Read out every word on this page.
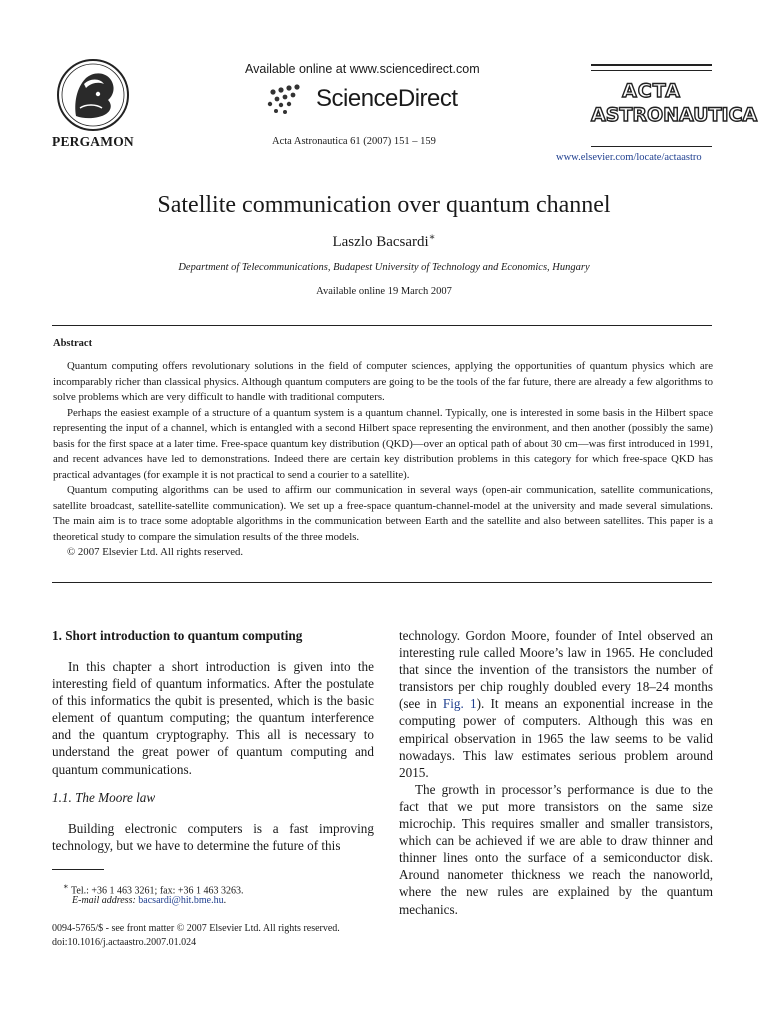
PERGAMON
Available online at www.sciencedirect.com
ScienceDirect
Acta Astronautica 61 (2007) 151 – 159
ACTA
ASTRONAUTICA
www.elsevier.com/locate/actaastro
Satellite communication over quantum channel
Laszlo Bacsardi∗
Department of Telecommunications, Budapest University of Technology and Economics, Hungary
Available online 19 March 2007
Abstract

Quantum computing offers revolutionary solutions in the field of computer sciences, applying the opportunities of quantum physics which are incomparably richer than classical physics. Although quantum computers are going to be the tools of the far future, there are already a few algorithms to solve problems which are very difficult to handle with traditional computers.

Perhaps the easiest example of a structure of a quantum system is a quantum channel. Typically, one is interested in some basis in the Hilbert space representing the input of a channel, which is entangled with a second Hilbert space representing the environment, and then another (possibly the same) basis for the first space at a later time. Free-space quantum key distribution (QKD)—over an optical path of about 30 cm—was first introduced in 1991, and recent advances have led to demonstrations. Indeed there are certain key distribution problems in this category for which free-space QKD has practical advantages (for example it is not practical to send a courier to a satellite).

Quantum computing algorithms can be used to affirm our communication in several ways (open-air communication, satellite communications, satellite broadcast, satellite-satellite communication). We set up a free-space quantum-channel-model at the university and made several simulations. The main aim is to trace some adoptable algorithms in the communication between Earth and the satellite and also between satellites. This paper is a theoretical study to compare the simulation results of the three models.

© 2007 Elsevier Ltd. All rights reserved.

1. Short introduction to quantum computing

In this chapter a short introduction is given into the interesting field of quantum informatics. After the postulate of this informatics the qubit is presented, which is the basic element of quantum computing; the quantum interference and the quantum cryptography. This all is necessary to understand the great power of quantum computing and quantum communications.

1.1. The Moore law

Building electronic computers is a fast improving technology, but we have to determine the future of this

technology. Gordon Moore, founder of Intel observed an interesting rule called Moore’s law in 1965. He concluded that since the invention of the transistors the number of transistors per chip roughly doubled every 18–24 months (see in Fig. 1). It means an exponential increase in the computing power of computers. Although this was en empirical observation in 1965 the law seems to be valid nowadays. This law estimates serious problem around 2015.

The growth in processor’s performance is due to the fact that we put more transistors on the same size microchip. This requires smaller and smaller transistors, which can be achieved if we are able to draw thinner and thinner lines onto the surface of a semiconductor disk. Around nanometer thickness we reach the nanoworld, where the new rules are explained by the quantum mechanics.

∗ Tel.: +36 1 463 3261; fax: +36 1 463 3263.
E-mail address: bacsardi@hit.bme.hu.
0094-5765/$ - see front matter © 2007 Elsevier Ltd. All rights reserved.
doi:10.1016/j.actaastro.2007.01.024
